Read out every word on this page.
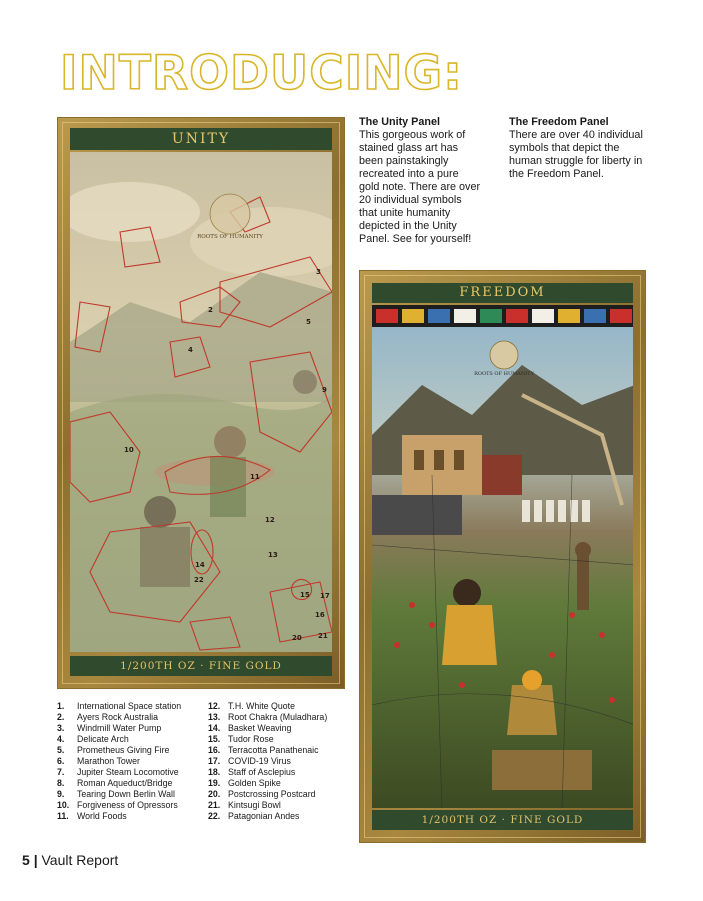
INTRODUCING:
UNITY
2
3
4
5
9
10
11
12
13
14
15 17
20 21
22
16
ROOTS OF HUMANITY
1/200TH OZ · FINE GOLD
The Unity Panel

This gorgeous work of stained glass art has been painstakingly recreated into a pure gold note. There are over 20 individual symbols that unite humanity depicted in the Unity Panel. See for yourself!

The Freedom Panel

There are over 40 individual symbols that depict the human struggle for liberty in the Freedom Panel.

FREEDOM
ROOTS OF HUMANITY
1/200TH OZ · FINE GOLD
1.	International Space station
2.	Ayers Rock Australia
3.	Windmill Water Pump
4.	Delicate Arch
5.	Prometheus Giving Fire
6.	Marathon Tower
7.	Jupiter Steam Locomotive
8.	Roman Aqueduct/Bridge
9.	Tearing Down Berlin Wall
10. Forgiveness of Opressors
11. World Foods
12. T.H. White Quote
13. Root Chakra (Muladhara)
14. Basket Weaving
15. Tudor Rose
16. Terracotta Panathenaic
17. COVID-19 Virus
18. Staff of Asclepius
19. Golden Spike
20. Postcrossing Postcard
21. Kintsugi Bowl
22. Patagonian Andes
5 | Vault Report
